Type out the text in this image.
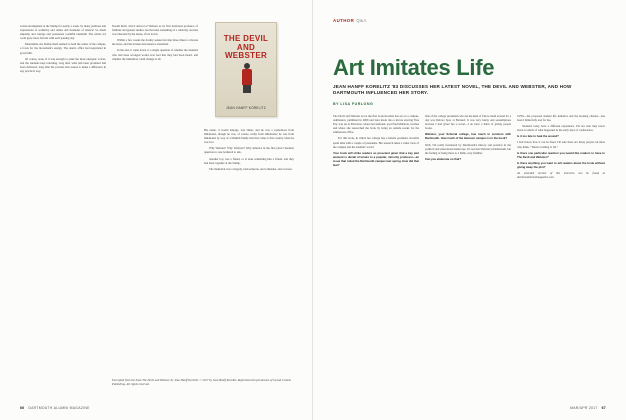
actual encampment at the Stump for nearly a week. So many petitions and expressions of solidarity and rallies and moments of silence! So much empathy and outrage and passionate youthful idealism! The whole ice room grew more fervent with each passing day.

Meanwhile, the Stump itself seemed to hold the center of the campus, a focus for the movement's energy. The dean's office had negotiated in good faith.

Of course, none of it was enough to quiet the most energetic voices, and the students kept returning, long after what had been promised had been delivered, long after the protests had ceased to make a difference in any practical way.

Naomi Roth, who'd arrived at Webster as its first dedicated professor of feminist and gender studies, had become something of a celebrity, and she was tolerated by the deans, if not loved.

Within a few weeks the faculty senate had met three times to discuss the issue, and the trustees had issued a statement.

In the end, it came down to a single question of whether the students who had been wronged would ever feel that they had been heard, and whether the institution could change at all.

THE DEVIL AND WEBSTER
JEAN HANFF KORELITZ

His name, it would emerge, was Omar, and he was a sophomore from Oklahoma, though he was, of course, really from Oklahoma; he was from Oklahoma by way of a Muslim family that had come to this country when he was two.

Why Webster? Why Vermont? Why America in the first place? Another question no one bothered to ask.

Another boy was a friend, or at least something like a friend, and they had been together at the Stump.

The memorial was a tragedy, said someone, and a mistake, and a lesson.

Excerpted from the book The Devil and Webster, by Jean Hanff Korelitz. © 2017 by Jean Hanff Korelitz. Reprinted with permission of Grand Central Publishing. All rights reserved.
66 DARTMOUTH ALUMNI MAGAZINE
AUTHOR Q&A
Art Imitates Life
JEAN HANFF KORELITZ '83 DISCUSSES HER LATEST NOVEL, THE DEVIL AND WEBSTER, AND HOW DARTMOUTH INFLUENCED HER STORY.
BY LISA FURLONG

The Devil and Webster is not the first book Korelitz has set on a campus. Admission, published in 2009 and later made into a movie starring Tina Fey, was set at Princeton, where her husband, poet Paul Muldoon, teaches and where she researched the book by being an outside reader for the admissions office.

For this book, in which her college has a female president, Korelitz spent time with a couple of presidents. Her research takes a wider view of the campus and the students' world.

Your book will strike readers as prescient given that a key plot element is denial of tenure to a popular, minority professor—an issue that roiled the Dartmouth campus last spring. How did that feel?

One of the college presidents who let me kind of follow them around for a day was Debora Spar at Barnard. It was very funny and serendipitous because I had given her a novel—I do have a habit of giving people books.

Webster, your fictional college, has much in common with Dartmouth. How much of the Hanover campus is in the book?

Well, I'm really fascinated by Dartmouth's history and position in the political and educational landscape. It's not that Webster is Dartmouth, but the feeling of being there is, I think, very familiar.

Can you elaborate on that?

1970s—the proposed student life initiative and the housing clusters—has been I think fully real for me.

Students today have a different experience. I'm not sure they know about so much of what happened in the early days of coeducation.

Is it too late to heal the wound?

I don't know how it can be fixed. I'm sure there are many people out there who think, "There's nothing to fix."

Is there one particular reaction you would like readers to have to The Devil and Webster?

Is there anything you want to tell readers about the book without giving away the plot?

An extended version of this interview can be found at dartmouthalumnimagazine.com.

MAR/APR 2017 67
